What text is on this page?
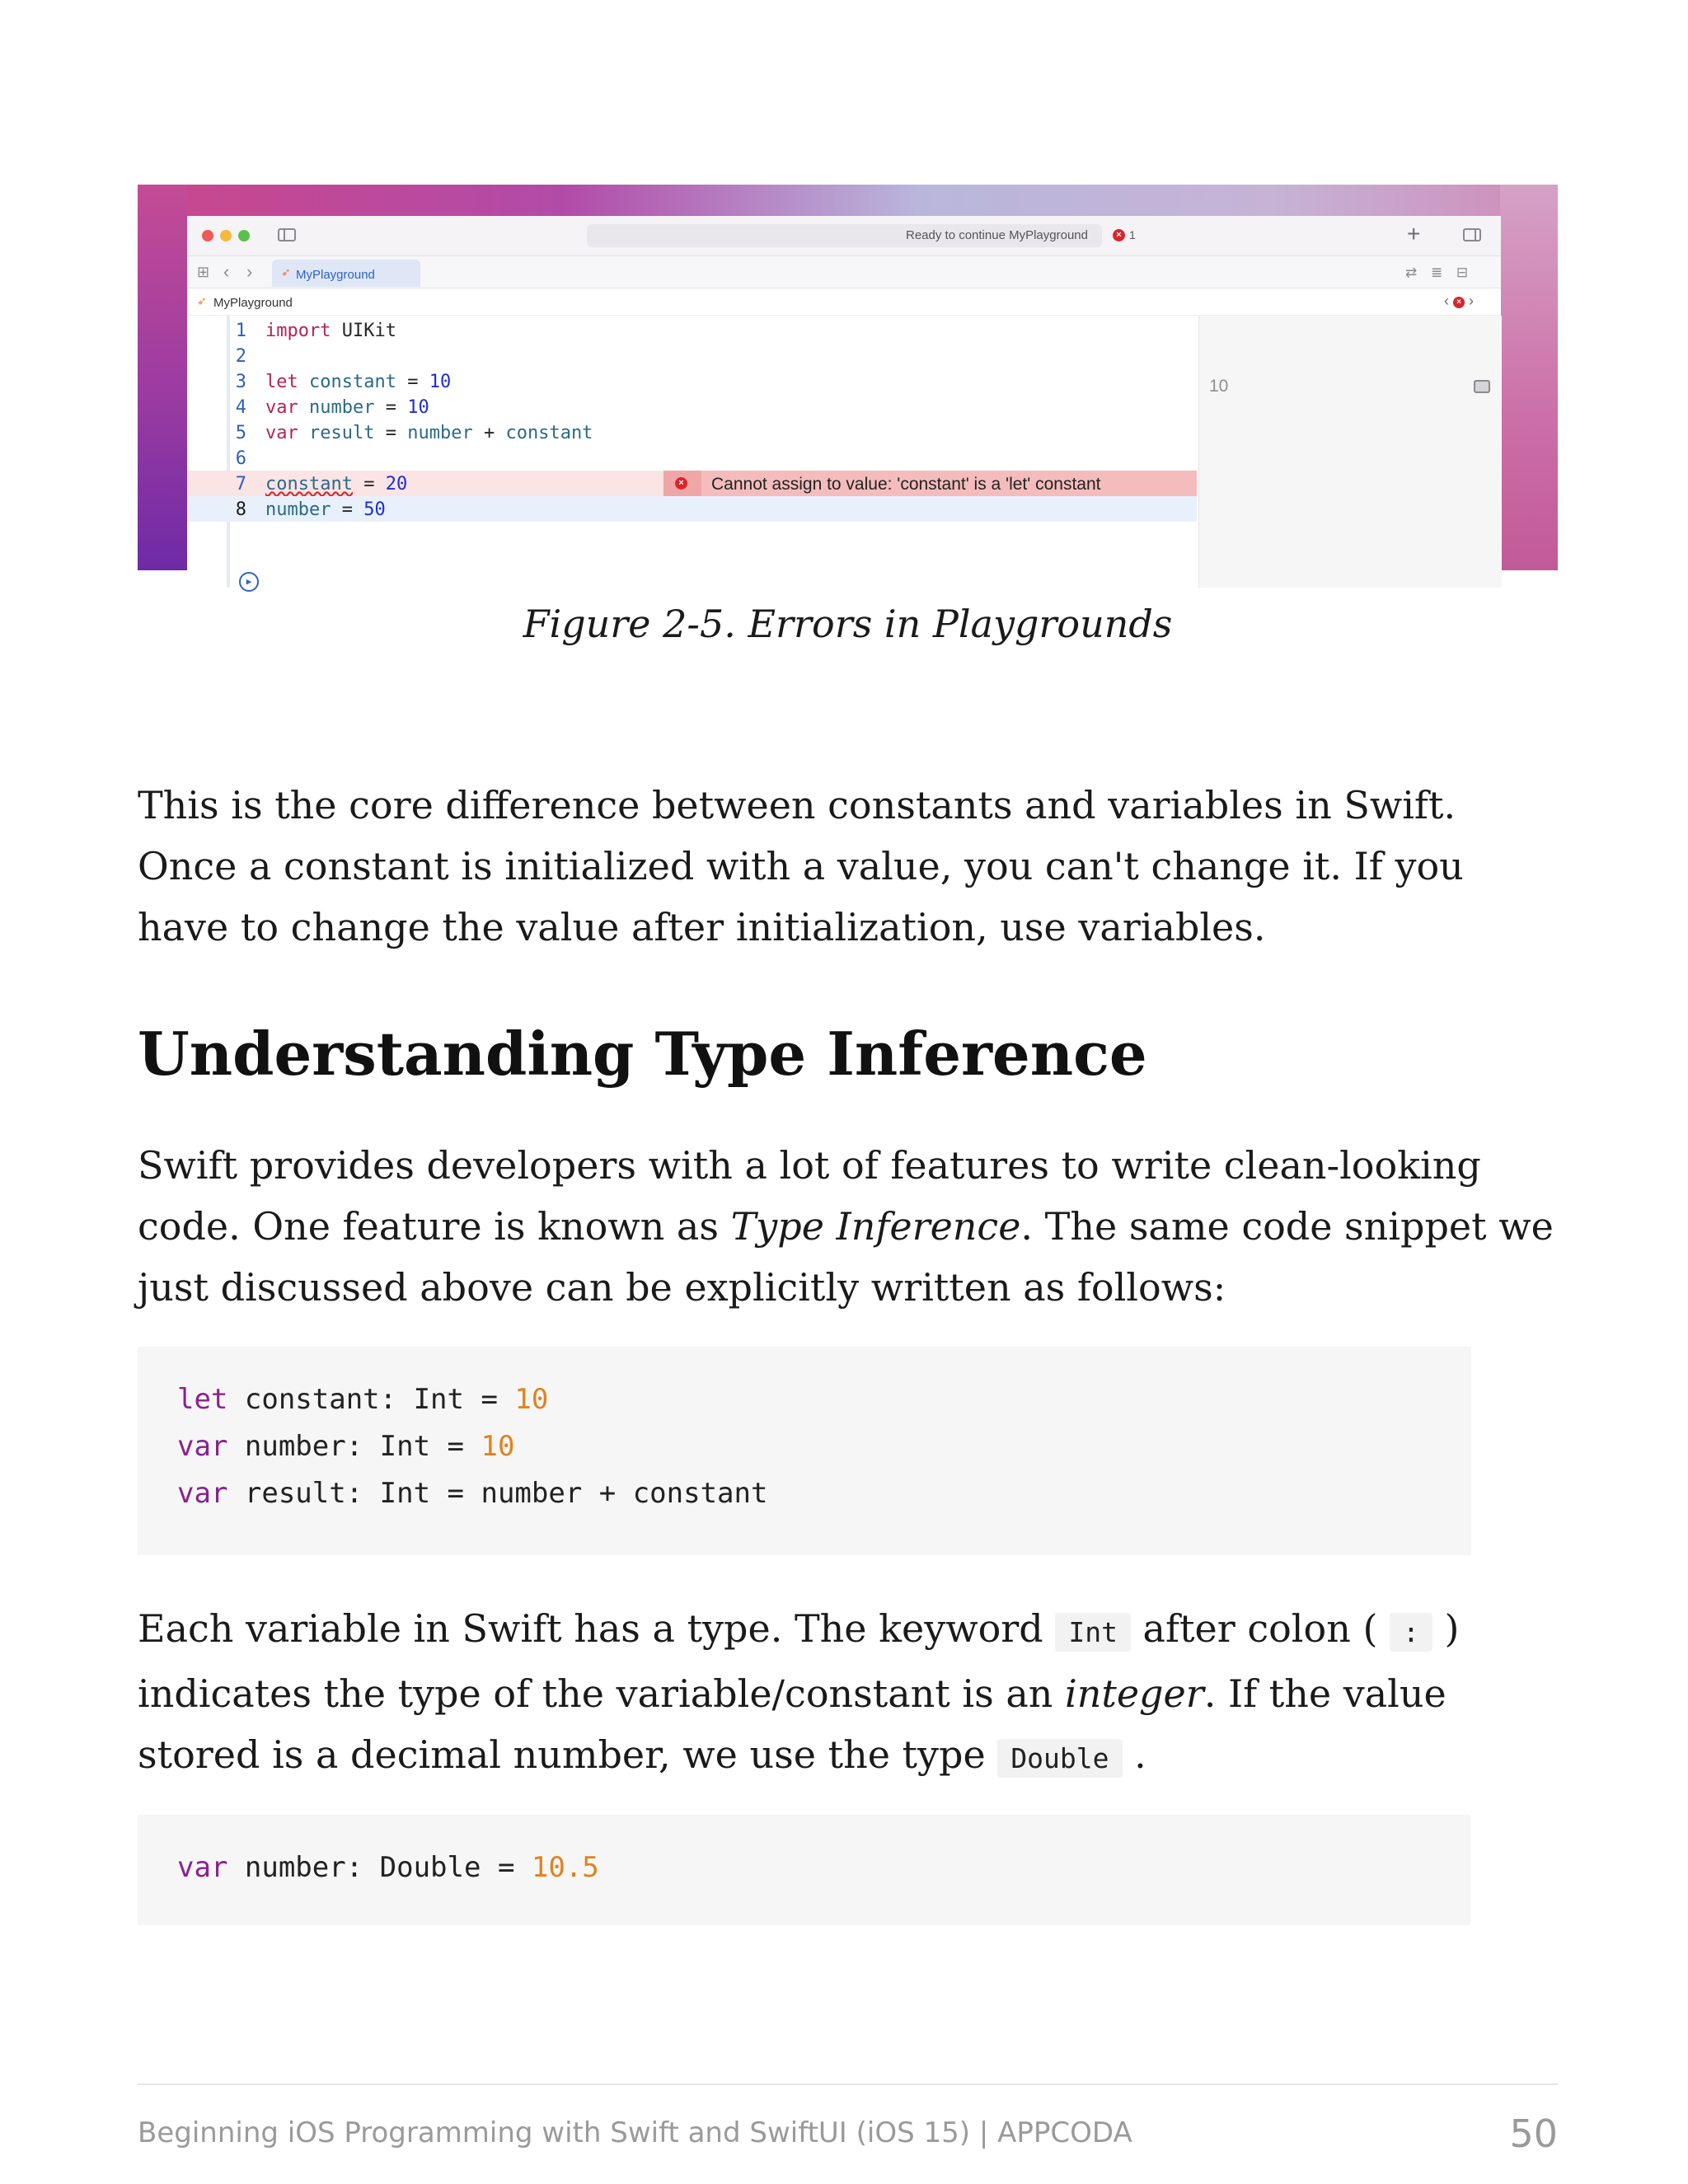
Ready to continue MyPlayground	× 1	+
⊞ ‹ › ➶ MyPlayground	⇄ ≣ ⊟
➶ MyPlayground	‹ × ›
1 import UIKit
2
3 let constant = 10
4 var number = 10
5 var result = number + constant
6
7 constant = 20	× Cannot assign to value: 'constant' is a 'let' constant
8 number = 50
▶
10
Figure 2-5. Errors in Playgrounds
This is the core difference between constants and variables in Swift. Once a constant is initialized with a value, you can't change it. If you have to change the value after initialization, use variables.
Understanding Type Inference
Swift provides developers with a lot of features to write clean-looking code. One feature is known as Type Inference. The same code snippet we just discussed above can be explicitly written as follows:
let constant: Int = 10
var number: Int = 10
var result: Int = number + constant
Each variable in Swift has a type. The keyword Int after colon ( : ) indicates the type of the variable/constant is an integer. If the value stored is a decimal number, we use the type Double .
var number: Double = 10.5
Beginning iOS Programming with Swift and SwiftUI (iOS 15) | APPCODA	50
